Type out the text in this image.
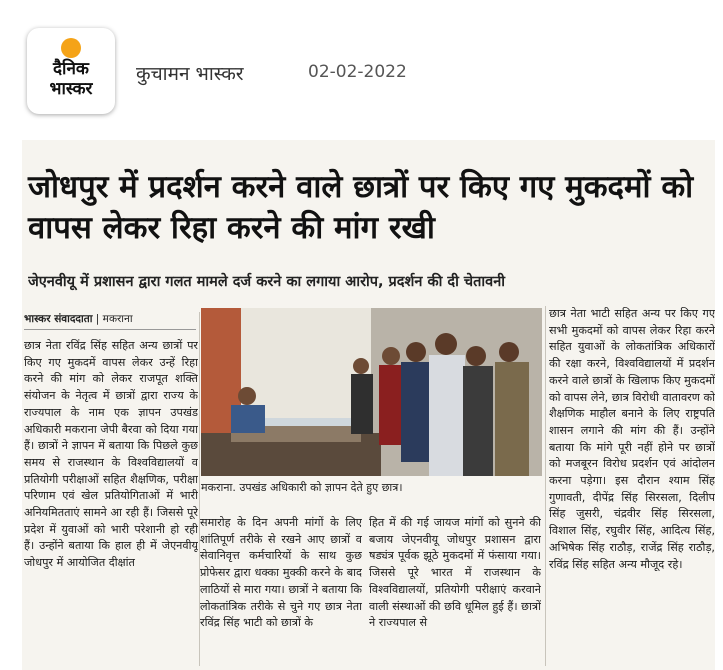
दैनिक
भास्कर
कुचामन भास्कर	02-02-2022
जोधपुर में प्रदर्शन करने वाले छात्रों पर किए गए मुकदमों को वापस लेकर रिहा करने की मांग रखी
जेएनवीयू में प्रशासन द्वारा गलत मामले दर्ज करने का लगाया आरोप, प्रदर्शन की दी चेतावनी
भास्कर संवाददाता | मकराना
छात्र नेता रविंद्र सिंह सहित अन्य छात्रों पर किए गए मुकदमें वापस लेकर उन्हें रिहा करने की मांग को लेकर राजपूत शक्ति संयोजन के नेतृत्व में छात्रों द्वारा राज्य के राज्यपाल के नाम एक ज्ञापन उपखंड अधिकारी मकराना जेपी बैरवा को दिया गया हैं। छात्रों ने ज्ञापन में बताया कि पिछले कुछ समय से राजस्थान के विश्वविद्यालयों व प्रतियोगी परीक्षाओं सहित शैक्षणिक, परीक्षा परिणाम एवं खेल प्रतियोगिताओं में भारी अनियमितताएं सामने आ रही हैं। जिससे पूरे प्रदेश में युवाओं को भारी परेशानी हो रही हैं। उन्होंने बताया कि हाल ही में जेएनवीयू जोधपुर में आयोजित दीक्षांत
मकराना. उपखंड अधिकारी को ज्ञापन देते हुए छात्र।
समारोह के दिन अपनी मांगों के लिए शांतिपूर्ण तरीके से रखने आए छात्रों व सेवानिवृत्त कर्मचारियों के साथ कुछ प्रोफेसर द्वारा धक्का मुक्की करने के बाद लाठियों से मारा गया। छात्रों ने बताया कि लोकतांत्रिक तरीके से चुने गए छात्र नेता रविंद्र सिंह भाटी को छात्रों के
हित में की गई जायज मांगों को सुनने की बजाय जेएनवीयू जोधपुर प्रशासन द्वारा षड्यंत्र पूर्वक झूठे मुकदमों में फंसाया गया। जिससे पूरे भारत में राजस्थान के विश्वविद्यालयों, प्रतियोगी परीक्षाएं करवाने वाली संस्थाओं की छवि धूमिल हुई हैं। छात्रों ने राज्यपाल से
छात्र नेता भाटी सहित अन्य पर किए गए सभी मुकदमों को वापस लेकर रिहा करने सहित युवाओं के लोकतांत्रिक अधिकारों की रक्षा करने, विश्वविद्यालयों में प्रदर्शन करने वाले छात्रों के खिलाफ किए मुकदमों को वापस लेने, छात्र विरोधी वातावरण को शैक्षणिक माहौल बनाने के लिए राष्ट्रपति शासन लगाने की मांग की हैं। उन्होंने बताया कि मांगे पूरी नहीं होने पर छात्रों को मजबूरन विरोध प्रदर्शन एवं आंदोलन करना पड़ेगा। इस दौरान श्याम सिंह गुणावती, दीपेंद्र सिंह सिरसला, दिलीप सिंह जुसरी, चंद्रवीर सिंह सिरसला, विशाल सिंह, रघुवीर सिंह, आदित्य सिंह, अभिषेक सिंह राठौड़, राजेंद्र सिंह राठौड़, रविंद्र सिंह सहित अन्य मौजूद रहे।
